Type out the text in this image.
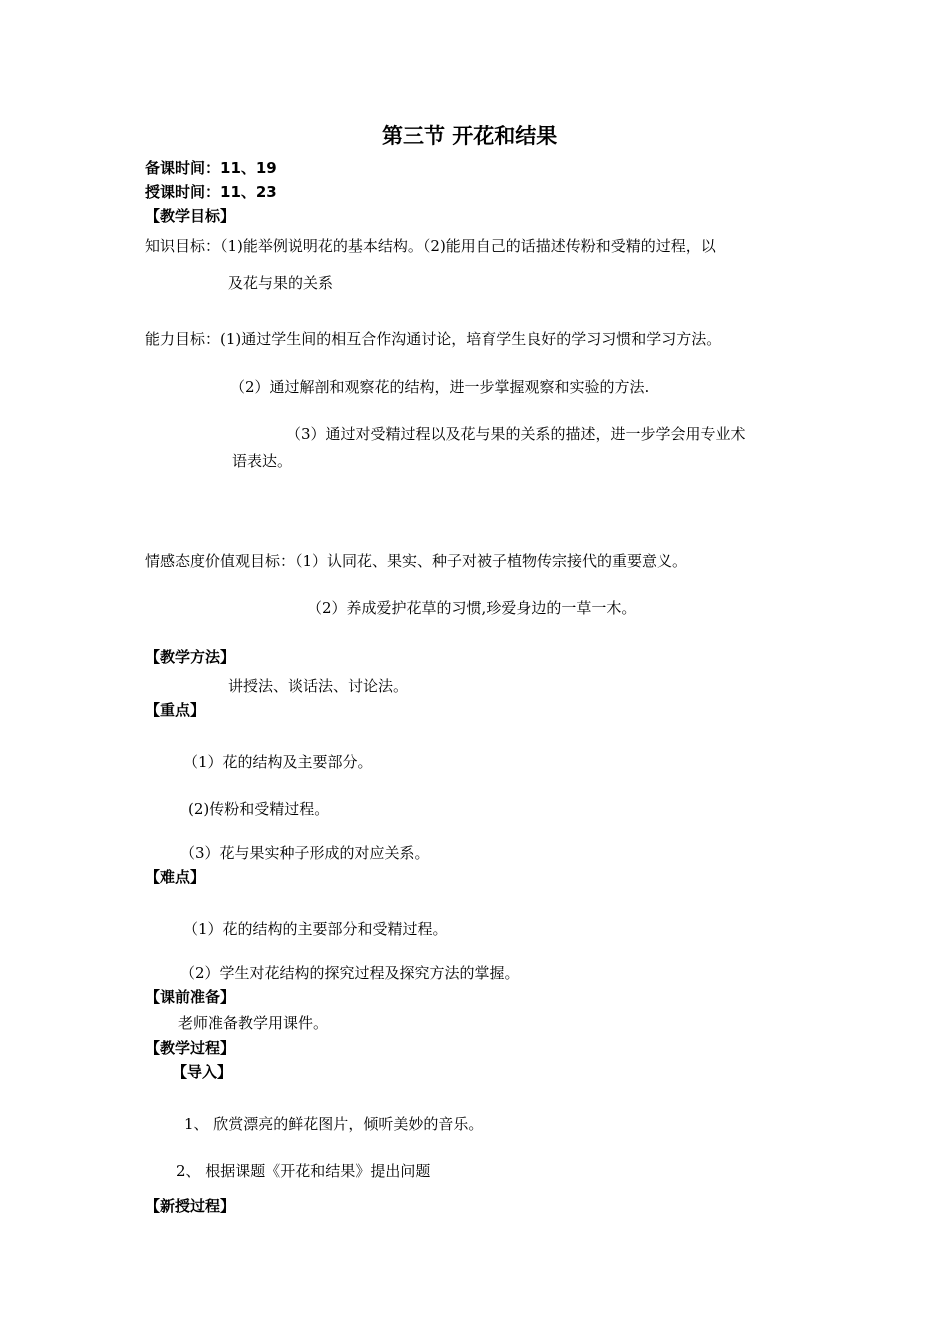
第三节 开花和结果
备课时间：11、19
授课时间：11、23
【教学目标】
知识目标：（1)能举例说明花的基本结构。（2)能用自己的话描述传粉和受精的过程，以
及花与果的关系
能力目标：(1)通过学生间的相互合作沟通讨论，培育学生良好的学习习惯和学习方法。
（2）通过解剖和观察花的结构，进一步掌握观察和实验的方法.
（3）通过对受精过程以及花与果的关系的描述，进一步学会用专业术
语表达。
情感态度价值观目标：（1）认同花、果实、种子对被子植物传宗接代的重要意义。
（2）养成爱护花草的习惯,珍爱身边的一草一木。
【教学方法】
讲授法、谈话法、讨论法。
【重点】
（1）花的结构及主要部分。
(2)传粉和受精过程。
（3）花与果实种子形成的对应关系。
【难点】
（1）花的结构的主要部分和受精过程。
（2）学生对花结构的探究过程及探究方法的掌握。
【课前准备】
老师准备教学用课件。
【教学过程】
【导入】
1、 欣赏漂亮的鲜花图片，倾听美妙的音乐。
2、 根据课题《开花和结果》提出问题
【新授过程】
